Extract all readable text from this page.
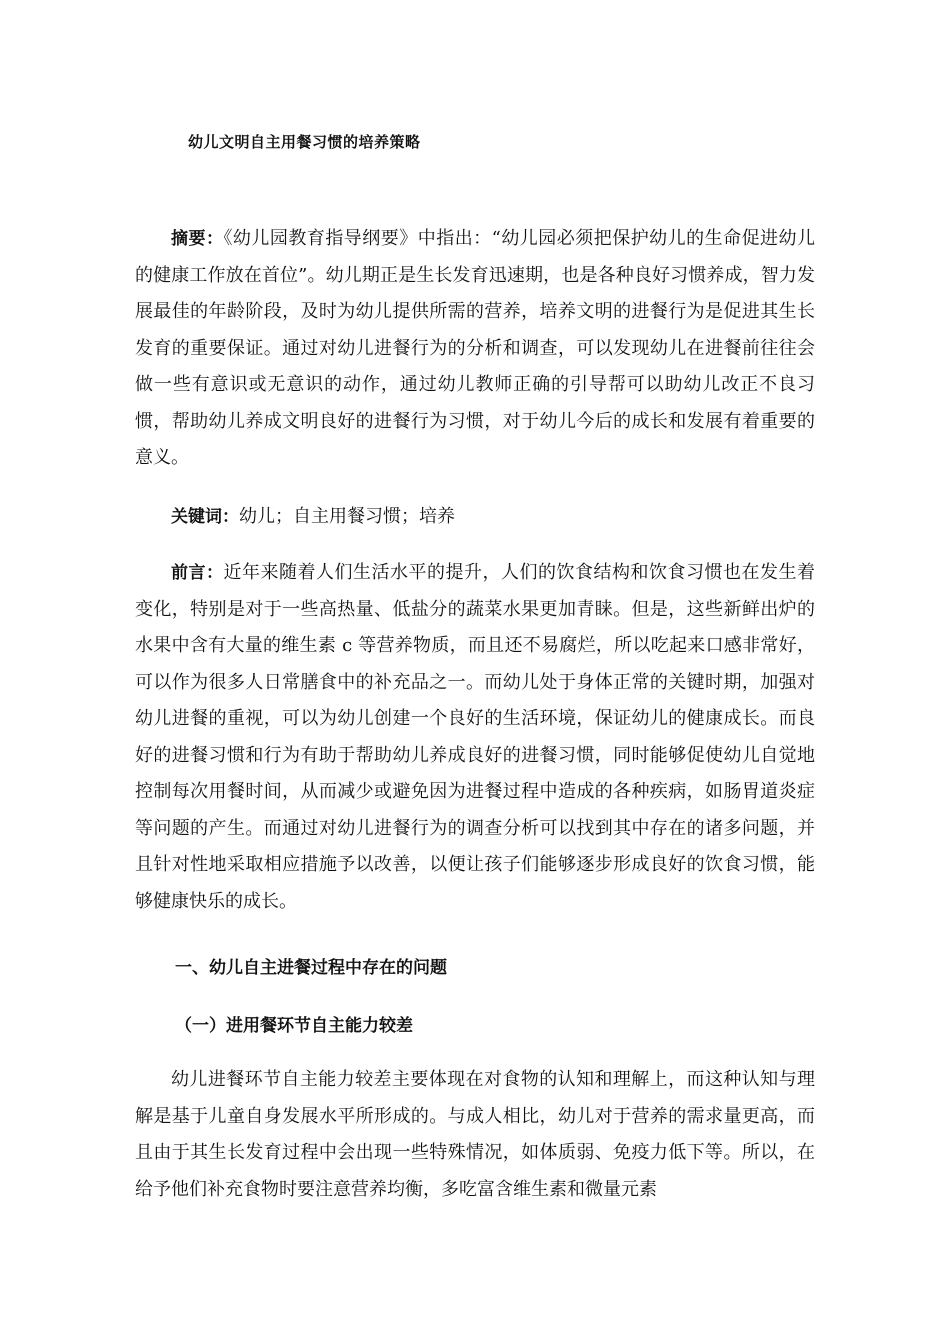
幼儿文明自主用餐习惯的培养策略

摘要：《幼儿园教育指导纲要》中指出：“幼儿园必须把保护幼儿的生命促进幼儿的健康工作放在首位”。幼儿期正是生长发育迅速期，也是各种良好习惯养成，智力发展最佳的年龄阶段，及时为幼儿提供所需的营养，培养文明的进餐行为是促进其生长发育的重要保证。通过对幼儿进餐行为的分析和调查，可以发现幼儿在进餐前往往会做一些有意识或无意识的动作，通过幼儿教师正确的引导帮可以助幼儿改正不良习惯，帮助幼儿养成文明良好的进餐行为习惯，对于幼儿今后的成长和发展有着重要的意义。

关键词：幼儿；自主用餐习惯；培养

前言：近年来随着人们生活水平的提升，人们的饮食结构和饮食习惯也在发生着变化，特别是对于一些高热量、低盐分的蔬菜水果更加青睐。但是，这些新鲜出炉的水果中含有大量的维生素 c 等营养物质，而且还不易腐烂，所以吃起来口感非常好，可以作为很多人日常膳食中的补充品之一。而幼儿处于身体正常的关键时期，加强对幼儿进餐的重视，可以为幼儿创建一个良好的生活环境，保证幼儿的健康成长。而良好的进餐习惯和行为有助于帮助幼儿养成良好的进餐习惯，同时能够促使幼儿自觉地控制每次用餐时间，从而减少或避免因为进餐过程中造成的各种疾病，如肠胃道炎症等问题的产生。而通过对幼儿进餐行为的调查分析可以找到其中存在的诸多问题，并且针对性地采取相应措施予以改善，以便让孩子们能够逐步形成良好的饮食习惯，能够健康快乐的成长。

一、幼儿自主进餐过程中存在的问题
（一）进用餐环节自主能力较差

幼儿进餐环节自主能力较差主要体现在对食物的认知和理解上，而这种认知与理解是基于儿童自身发展水平所形成的。与成人相比，幼儿对于营养的需求量更高，而且由于其生长发育过程中会出现一些特殊情况，如体质弱、免疫力低下等。所以，在给予他们补充食物时要注意营养均衡，多吃富含维生素和微量元素
